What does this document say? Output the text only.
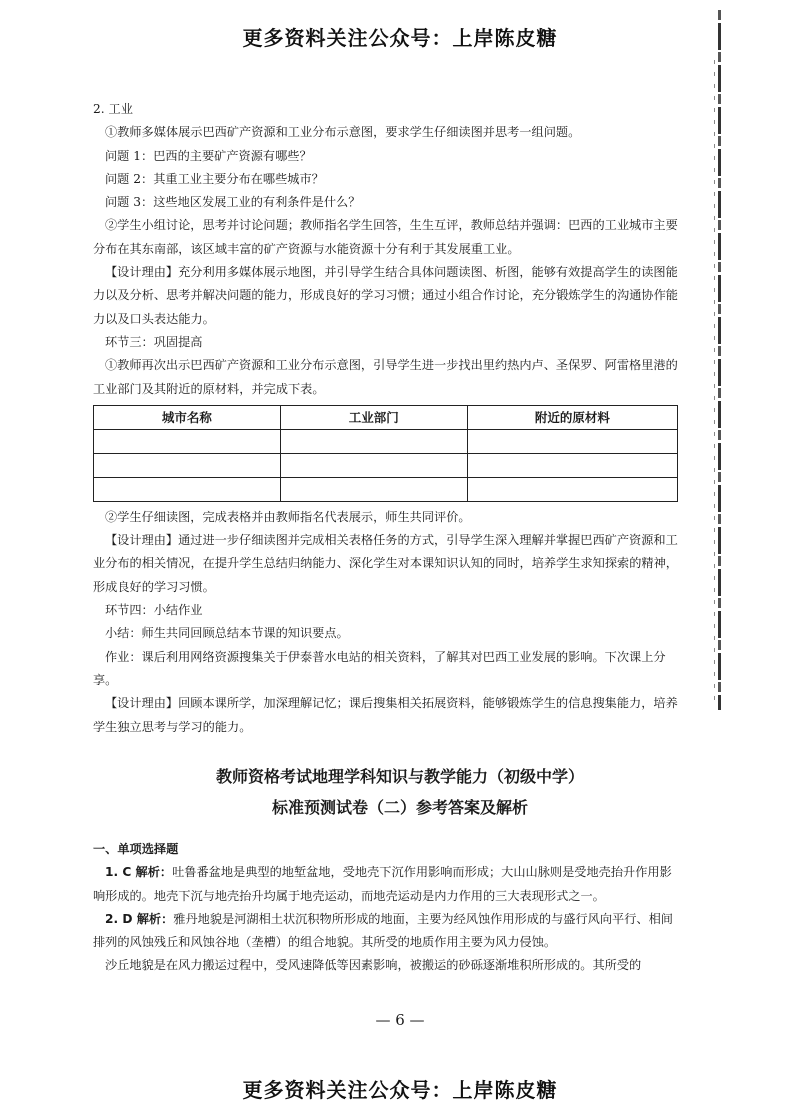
更多资料关注公众号：上岸陈皮糖

2. 工业

①教师多媒体展示巴西矿产资源和工业分布示意图，要求学生仔细读图并思考一组问题。

问题 1：巴西的主要矿产资源有哪些？

问题 2：其重工业主要分布在哪些城市？

问题 3：这些地区发展工业的有利条件是什么？

②学生小组讨论，思考并讨论问题；教师指名学生回答，生生互评，教师总结并强调：巴西的工业城市主要分布在其东南部，该区域丰富的矿产资源与水能资源十分有利于其发展重工业。

【设计理由】充分利用多媒体展示地图，并引导学生结合具体问题读图、析图，能够有效提高学生的读图能力以及分析、思考并解决问题的能力，形成良好的学习习惯；通过小组合作讨论，充分锻炼学生的沟通协作能力以及口头表达能力。

环节三：巩固提高

①教师再次出示巴西矿产资源和工业分布示意图，引导学生进一步找出里约热内卢、圣保罗、阿雷格里港的工业部门及其附近的原材料，并完成下表。

城市名称	工业部门	附近的原材料

②学生仔细读图，完成表格并由教师指名代表展示，师生共同评价。

【设计理由】通过进一步仔细读图并完成相关表格任务的方式，引导学生深入理解并掌握巴西矿产资源和工业分布的相关情况，在提升学生总结归纳能力、深化学生对本课知识认知的同时，培养学生求知探索的精神，形成良好的学习习惯。

环节四：小结作业

小结：师生共同回顾总结本节课的知识要点。

作业：课后利用网络资源搜集关于伊泰普水电站的相关资料，了解其对巴西工业发展的影响。下次课上分享。

【设计理由】回顾本课所学，加深理解记忆；课后搜集相关拓展资料，能够锻炼学生的信息搜集能力，培养学生独立思考与学习的能力。

教师资格考试地理学科知识与教学能力（初级中学）
标准预测试卷（二）参考答案及解析

一、单项选择题

1. C 解析：吐鲁番盆地是典型的地堑盆地，受地壳下沉作用影响而形成；大山山脉则是受地壳抬升作用影响形成的。地壳下沉与地壳抬升均属于地壳运动，而地壳运动是内力作用的三大表现形式之一。

2. D 解析：雅丹地貌是河湖相土状沉积物所形成的地面，主要为经风蚀作用形成的与盛行风向平行、相间排列的风蚀残丘和风蚀谷地（垄槽）的组合地貌。其所受的地质作用主要为风力侵蚀。

沙丘地貌是在风力搬运过程中，受风速降低等因素影响，被搬运的砂砾逐渐堆积所形成的。其所受的

— 6 —
更多资料关注公众号：上岸陈皮糖
